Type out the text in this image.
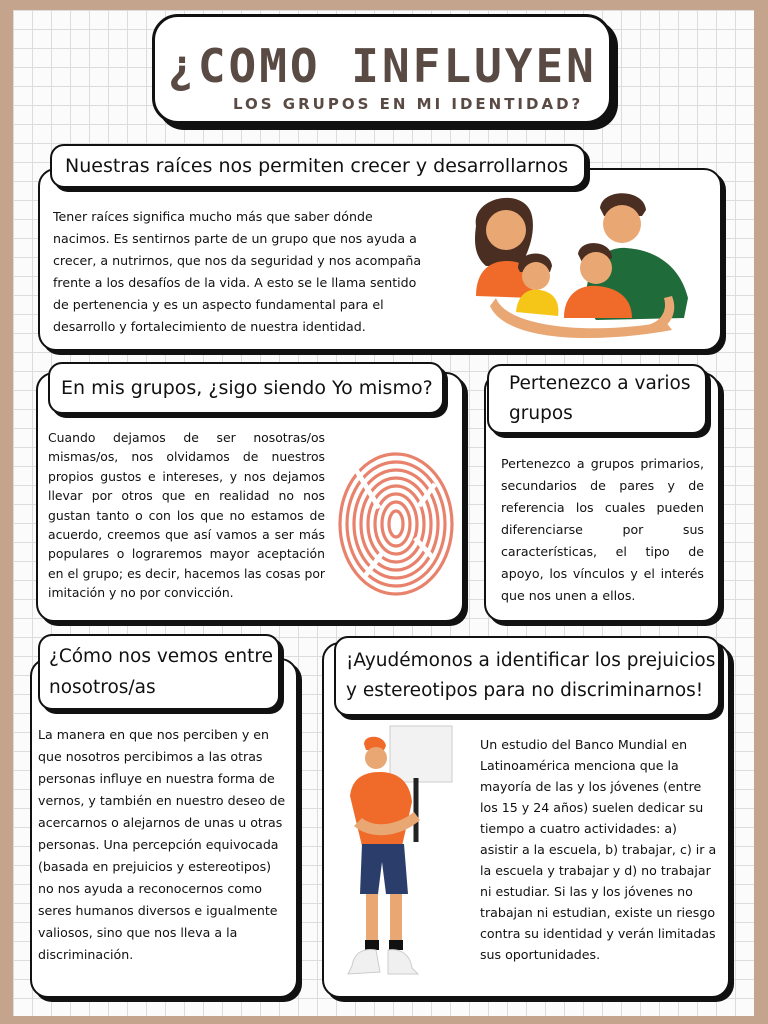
¿COMO INFLUYEN
LOS GRUPOS EN MI IDENTIDAD?
Nuestras raíces nos permiten crecer y desarrollarnos
Tener raíces significa mucho más que saber dónde nacimos. Es sentirnos parte de un grupo que nos ayuda a crecer, a nutrirnos, que nos da seguridad y nos acompaña frente a los desafíos de la vida. A esto se le llama sentido de pertenencia y es un aspecto fundamental para el desarrollo y fortalecimiento de nuestra identidad.
En mis grupos, ¿sigo siendo Yo mismo?
Cuando dejamos de ser nosotras/os mismas/os, nos olvidamos de nuestros propios gustos e intereses, y nos dejamos llevar por otros que en realidad no nos gustan tanto o con los que no estamos de acuerdo, creemos que así vamos a ser más populares o lograremos mayor aceptación en el grupo; es decir, hacemos las cosas por imitación y no por convicción.
Pertenezco a varios grupos
Pertenezco a grupos primarios, secundarios de pares y de referencia los cuales pueden diferenciarse por sus características, el tipo de apoyo, los vínculos y el interés que nos unen a ellos.
¿Cómo nos vemos entre nosotros/as
La manera en que nos perciben y en que nosotros percibimos a las otras personas influye en nuestra forma de vernos, y también en nuestro deseo de acercarnos o alejarnos de unas u otras personas. Una percepción equivocada (basada en prejuicios y estereotipos) no nos ayuda a reconocernos como seres humanos diversos e igualmente valiosos, sino que nos lleva a la discriminación.
¡Ayudémonos a identificar los prejuicios y estereotipos para no discriminarnos!
Un estudio del Banco Mundial en Latinoamérica menciona que la mayoría de las y los jóvenes (entre los 15 y 24 años) suelen dedicar su tiempo a cuatro actividades: a) asistir a la escuela, b) trabajar, c) ir a la escuela y trabajar y d) no trabajar ni estudiar. Si las y los jóvenes no trabajan ni estudian, existe un riesgo contra su identidad y verán limitadas sus oportunidades.
